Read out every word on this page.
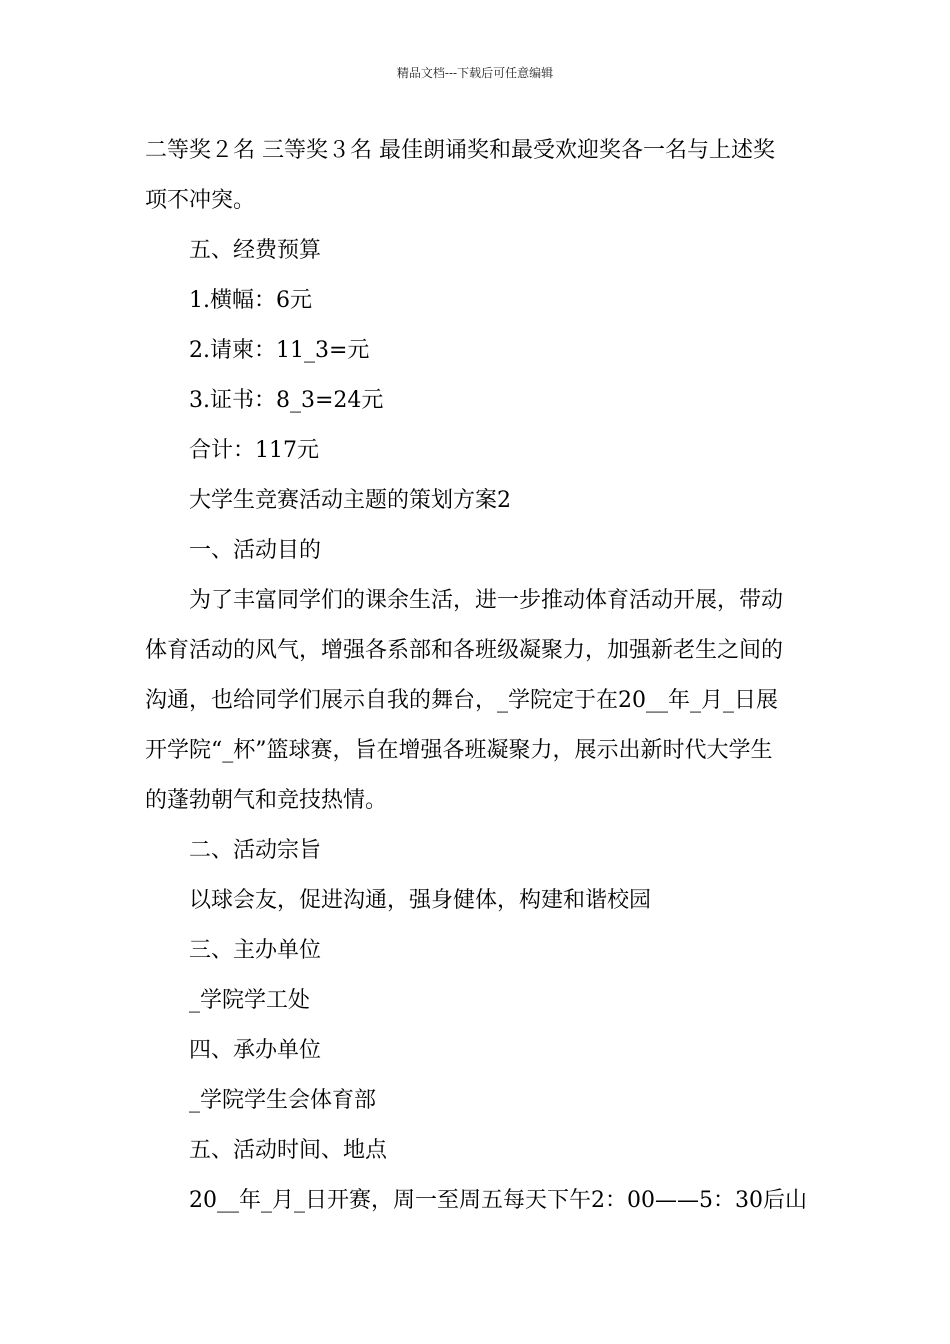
精品文档---下载后可任意编辑
二等奖２名 三等奖３名 最佳朗诵奖和最受欢迎奖各一名与上述奖
项不冲突。
五、经费预算
1.横幅：6元
2.请柬：11_3=元
3.证书：8_3=24元
合计：117元
大学生竞赛活动主题的策划方案2
一、活动目的
为了丰富同学们的课余生活，进一步推动体育活动开展，带动
体育活动的风气，增强各系部和各班级凝聚力，加强新老生之间的
沟通，也给同学们展示自我的舞台，_学院定于在20__年_月_日展
开学院“_杯”篮球赛，旨在增强各班凝聚力，展示出新时代大学生
的蓬勃朝气和竞技热情。
二、活动宗旨
以球会友，促进沟通，强身健体，构建和谐校园
三、主办单位
_学院学工处
四、承办单位
_学院学生会体育部
五、活动时间、地点
20__年_月_日开赛，周一至周五每天下午2：00——5：30后山
